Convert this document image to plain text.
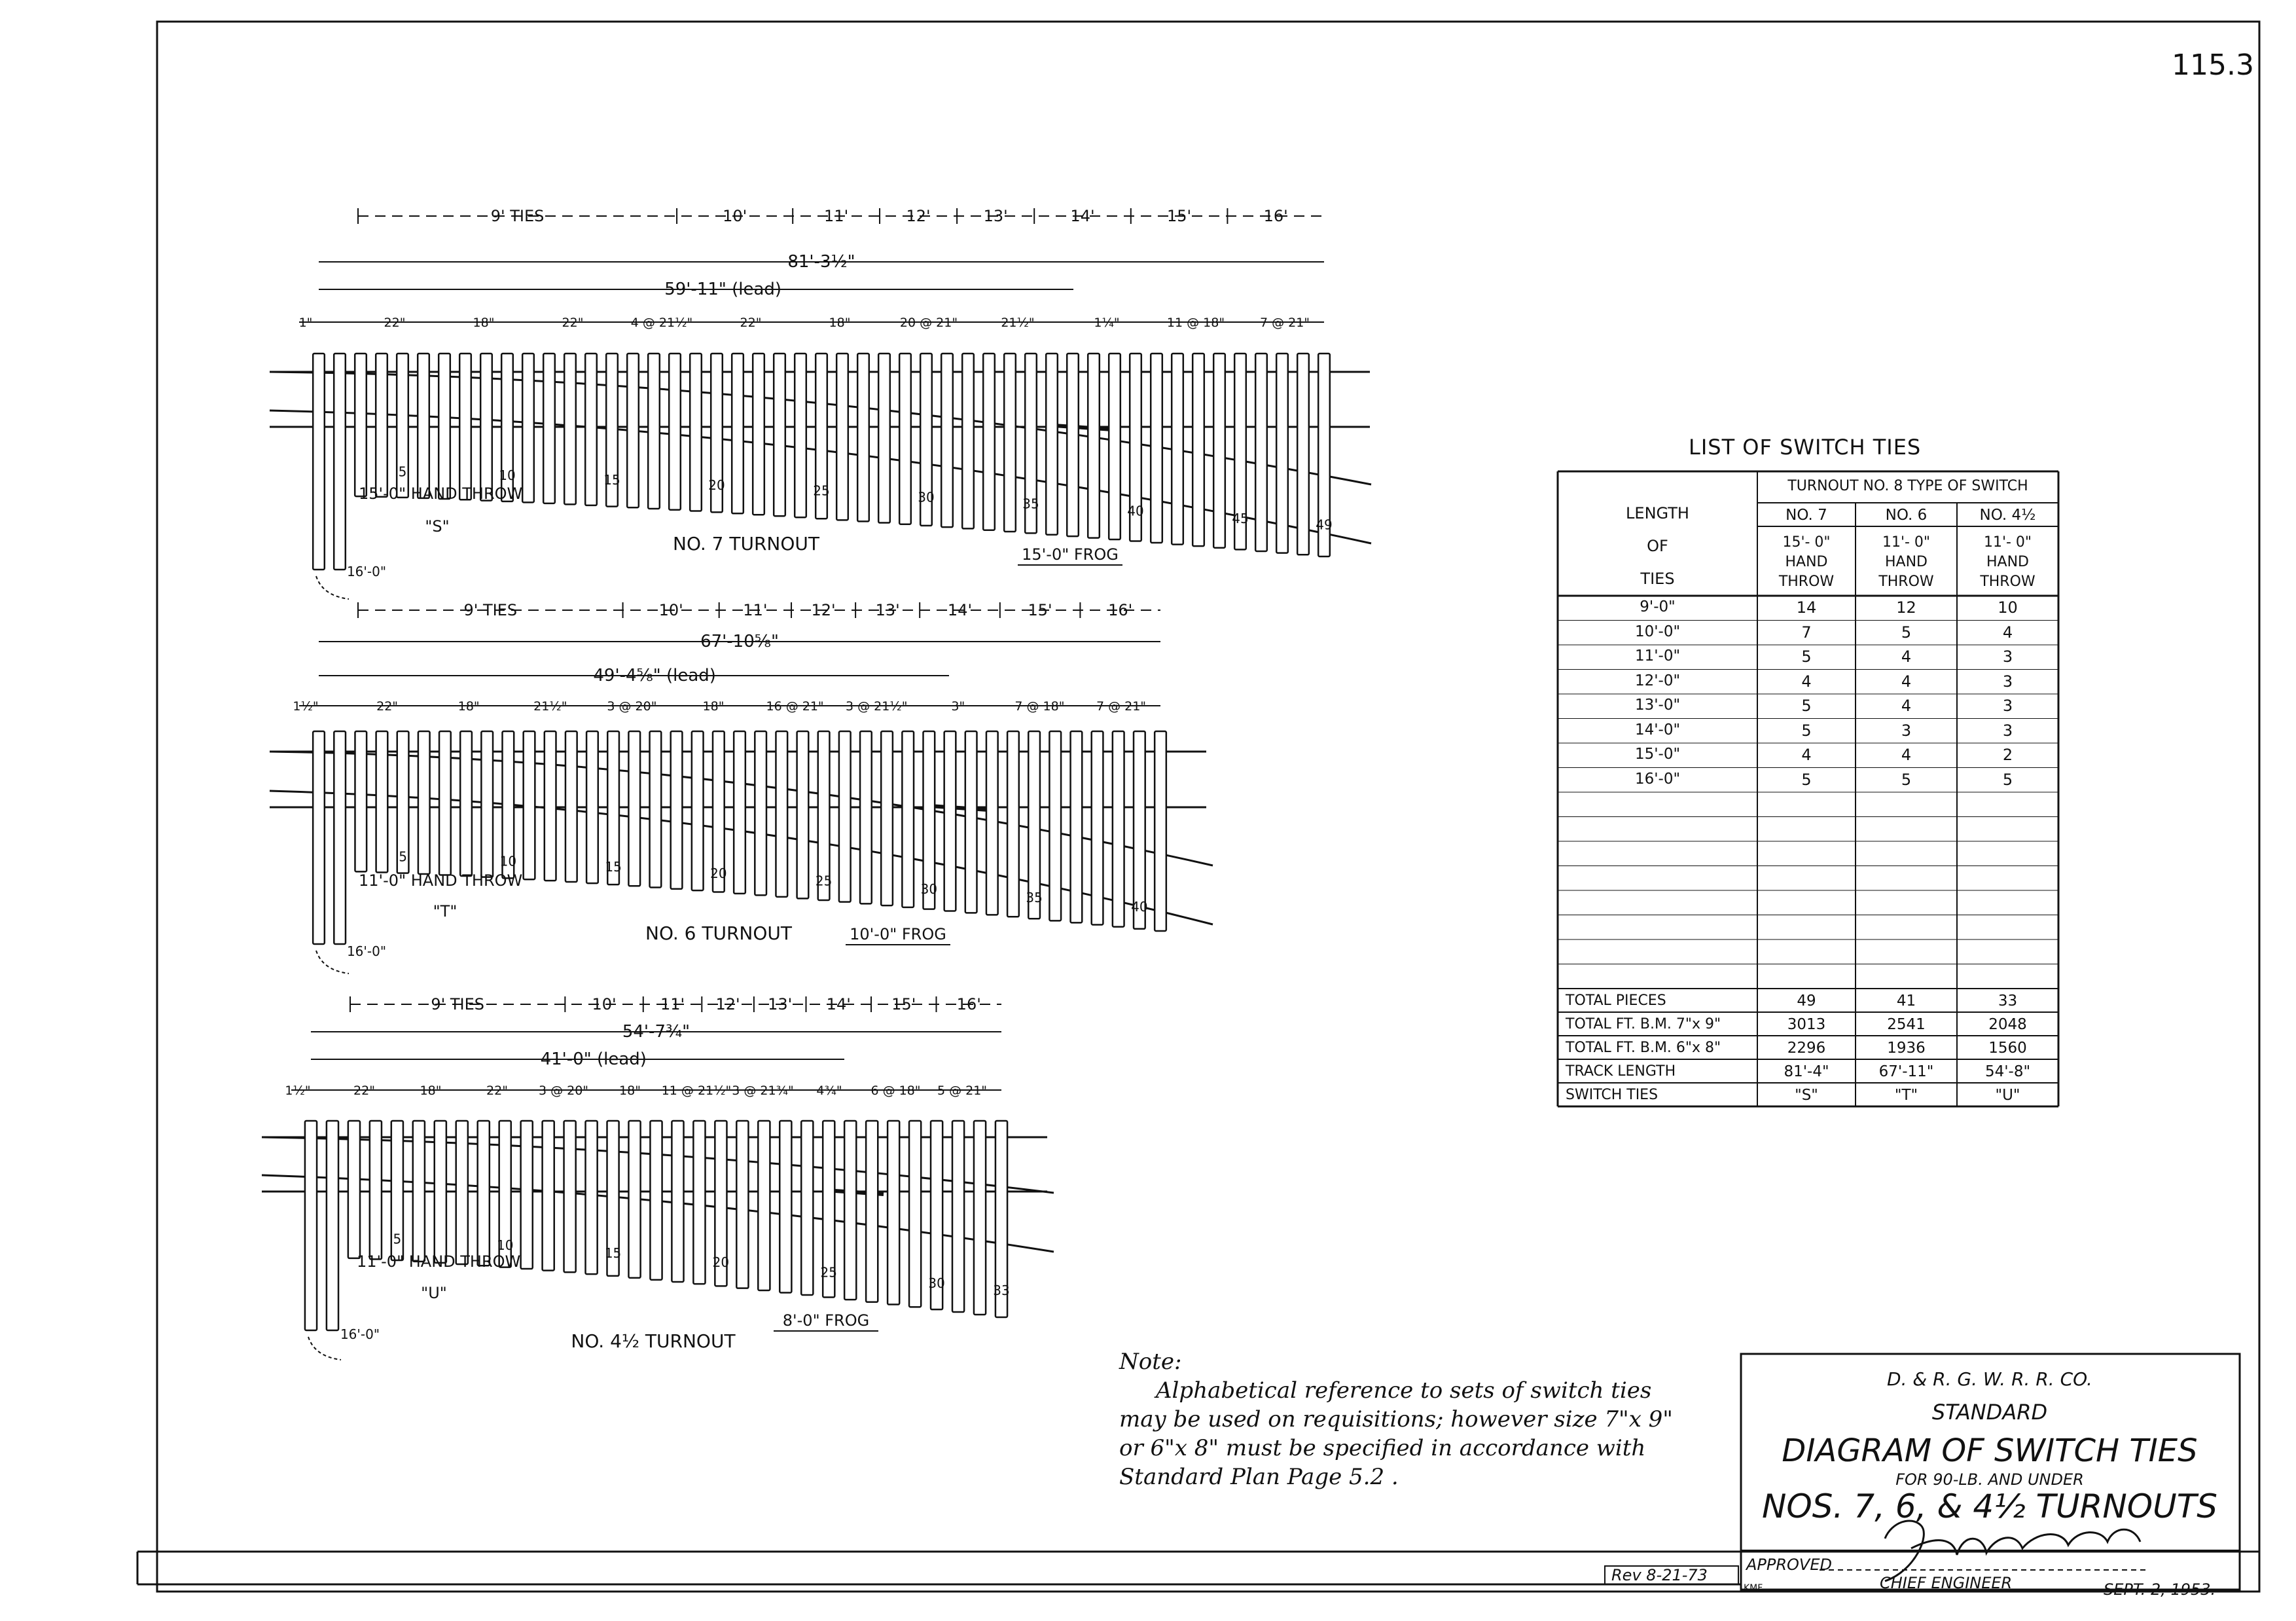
5	10	15	20	25	30	35	40	45	49
9' TIES	10'	11'	12'	13'	14'	15'	16'
81'-3½"
59'-11" (lead)
1"	22"	18"	22"	4 @ 21½"	22"	18"	20 @ 21"	21½"	1¼"	11 @ 18"	7 @ 21"
NO. 7 TURNOUT
15'-0" HAND THROW
"S"
15'-0" FROG
16'-0"
5	10	15	20	25
30
35
40
9' TIES	10'	11'	12'	13'	14'	15'	16'
67'-10⅝"
49'-4⅝" (lead)
1½"	22"	18"	21½"	3 @ 20"	18"	16 @ 21" 3 @ 21½"	3"	7 @ 18"	7 @ 21"
NO. 6 TURNOUT
11'-0" HAND THROW
"T"
10'-0" FROG
16'-0"
5	10
15
20
25
30	33
9' TIES	10'	11' 12' 13' 14'	15'	16'
54'-7¾"
41'-0" (lead)
1½"	22"	18"	22" 3 @ 20" 18" 11 @ 21½" 3 @ 21¾" 4¾" 6 @ 18" 5 @ 21"
NO. 4½ TURNOUT
11'-0" HAND THROW
"U"
8'-0" FROG
16'-0"
115.3
LIST OF SWITCH TIES
LENGTH
OF
TIES
TURNOUT NO. 8 TYPE OF SWITCH
NO. 7
15'- 0"
HAND
THROW
NO. 6
11'- 0"
HAND
THROW
NO. 4½
11'- 0"
HAND
THROW
9'-0"	14	12	10
10'-0"	7	5	4
11'-0"	5	4	3
12'-0"	4	4	3
13'-0"	5	4	3
14'-0"	5	3	3
15'-0"	4	4	2
16'-0"	5	5	5
TOTAL PIECES	49	41	33
TOTAL FT. B.M. 7"x 9"	3013	2541	2048
TOTAL FT. B.M. 6"x 8"	2296	1936	1560
TRACK LENGTH	81'-4"	67'-11"	54'-8"
SWITCH TIES	"S"	"T"	"U"
Note:
Alphabetical reference to sets of switch ties
may be used on requisitions; however size 7"x 9"
or 6"x 8" must be specified in accordance with
Standard Plan Page 5.2 .
D. & R. G. W. R. R. CO.
STANDARD
DIAGRAM OF SWITCH TIES
FOR 90-LB. AND UNDER
NOS. 7, 6, & 4½ TURNOUTS
APPROVED
CHIEF ENGINEER	SEPT. 2, 1953.
KMF.
Rev 8-21-73
